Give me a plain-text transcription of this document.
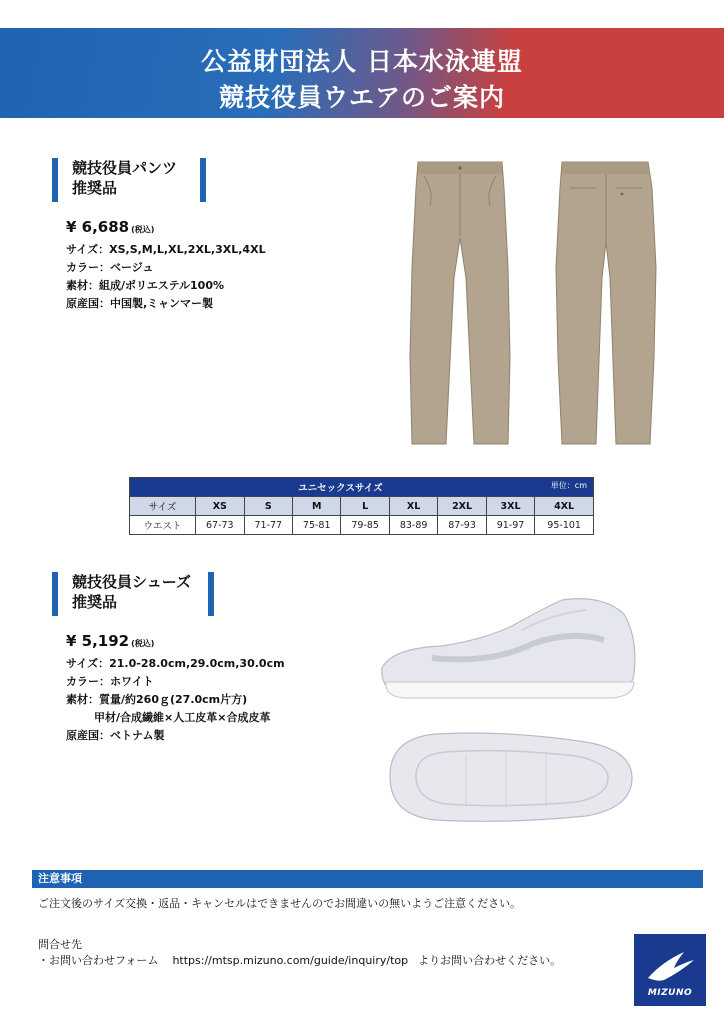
公益財団法人 日本水泳連盟
競技役員ウエアのご案内
競技役員パンツ
推奨品
¥ 6,688 (税込)
サイズ：XS,S,M,L,XL,2XL,3XL,4XL
カラー：ベージュ
素材：組成/ポリエステル100%
原産国：中国製,ミャンマー製
ユニセックスサイズ 単位：cm								

サイズ	XS	S	M	L	XL	2XL	3XL	4XL
ウエスト	67-73	71-77	75-81	79-85	83-89	87-93	91-97	95-101
競技役員シューズ
推奨品
¥ 5,192 (税込)
サイズ：21.0-28.0cm,29.0cm,30.0cm
カラー：ホワイト
素材：質量/約260ｇ(27.0cm片方)
甲材/合成繊維×人工皮革×合成皮革
原産国：ベトナム製
注意事項
ご注文後のサイズ交換・返品・キャンセルはできませんのでお間違いの無いようご注意ください。
問合せ先
・お問い合わせフォーム https://mtsp.mizuno.com/guide/inquiry/top よりお問い合わせください。
MIZUNO
